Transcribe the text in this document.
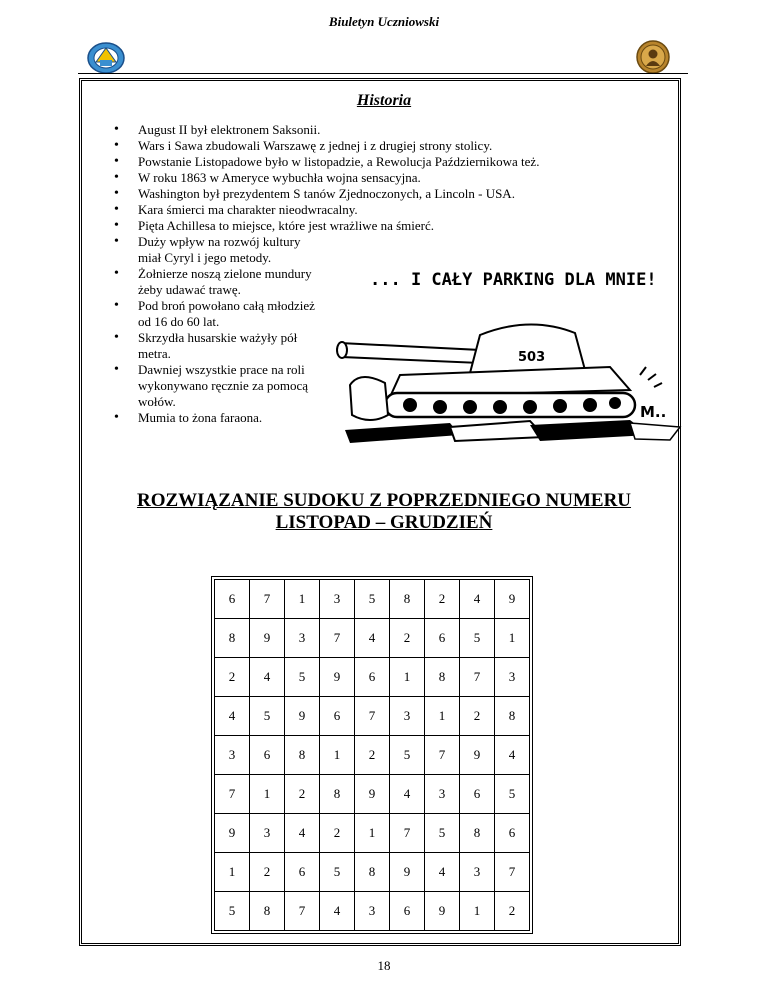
Biuletyn Uczniowski
Historia
• August II był elektronem Saksonii.
• Wars i Sawa zbudowali Warszawę z jednej i z drugiej strony stolicy.
• Powstanie Listopadowe było w listopadzie, a Rewolucja Październikowa też.
• W roku 1863 w Ameryce wybuchła wojna sensacyjna.
• Washington był prezydentem S tanów Zjednoczonych, a Lincoln - USA.
• Kara śmierci ma charakter nieodwracalny.
• Pięta Achillesa to miejsce, które jest wrażliwe na śmierć.
• Duży wpływ na rozwój kultury miał Cyryl i jego metody.
• Żołnierze noszą zielone mundury żeby udawać trawę.
• Pod broń powołano całą młodzież od 16 do 60 lat.
• Skrzydła husarskie ważyły pół metra.
• Dawniej wszystkie prace na roli wykonywano ręcznie za pomocą wołów.
• Mumia to żona faraona.
... I CAŁY PARKING DLA MNIE!
503
M..
ROZWIĄZANIE SUDOKU Z POPRZEDNIEGO NUMERU
LISTOPAD – GRUDZIEŃ
6	7	1	3	5	8	2	4	9
8	9	3	7	4	2	6	5	1
2	4	5	9	6	1	8	7	3
4	5	9	6	7	3	1	2	8
3	6	8	1	2	5	7	9	4
7	1	2	8	9	4	3	6	5
9	3	4	2	1	7	5	8	6
1	2	6	5	8	9	4	3	7
5	8	7	4	3	6	9	1	2
18
